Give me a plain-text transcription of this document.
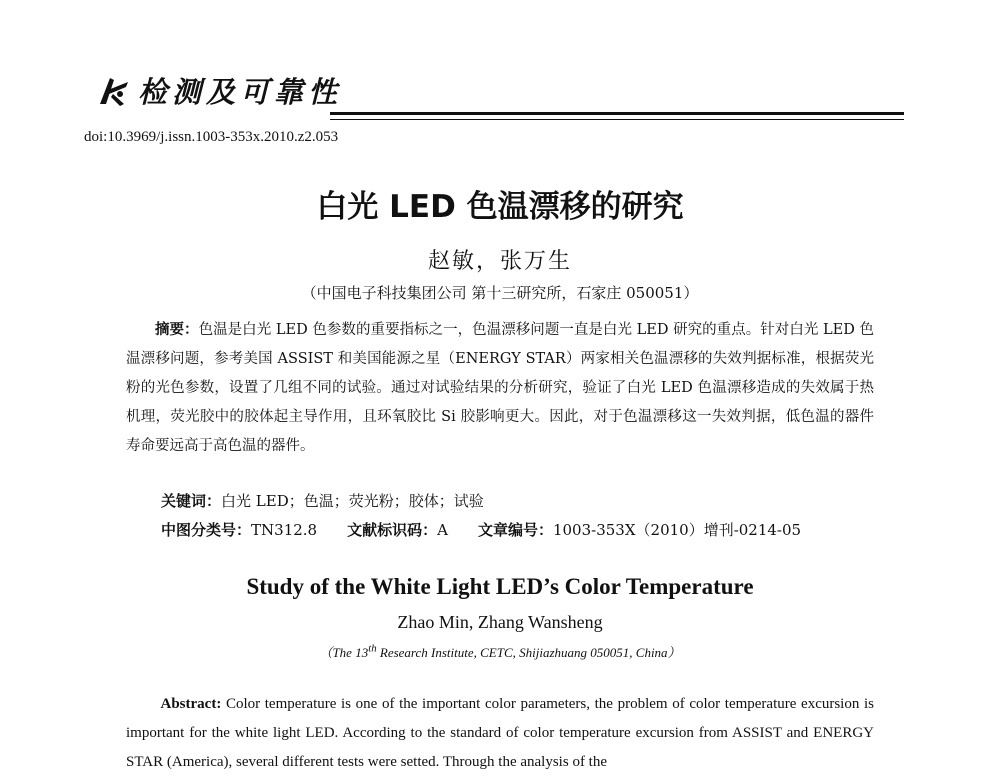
检测及可靠性
doi:10.3969/j.issn.1003-353x.2010.z2.053
白光 LED 色温漂移的研究
赵敏，张万生
（中国电子科技集团公司 第十三研究所，石家庄 050051）
摘要：色温是白光 LED 色参数的重要指标之一，色温漂移问题一直是白光 LED 研究的重点。针对白光 LED 色温漂移问题，参考美国 ASSIST 和美国能源之星（ENERGY STAR）两家相关色温漂移的失效判据标准，根据荧光粉的光色参数，设置了几组不同的试验。通过对试验结果的分析研究，验证了白光 LED 色温漂移造成的失效属于热机理，荧光胶中的胶体起主导作用，且环氧胶比 Si 胶影响更大。因此，对于色温漂移这一失效判据，低色温的器件寿命要远高于高色温的器件。
关键词：白光 LED；色温；荧光粉；胶体；试验
中图分类号：TN312.8 文献标识码：A 文章编号：1003-353X（2010）增刊-0214-05
Study of the White Light LED’s Color Temperature
Zhao Min, Zhang Wansheng
（The 13th Research Institute, CETC, Shijiazhuang 050051, China）
Abstract: Color temperature is one of the important color parameters, the problem of color temperature excursion is important for the white light LED. According to the standard of color temperature excursion from ASSIST and ENERGY STAR (America), several different tests were setted. Through the analysis of the
